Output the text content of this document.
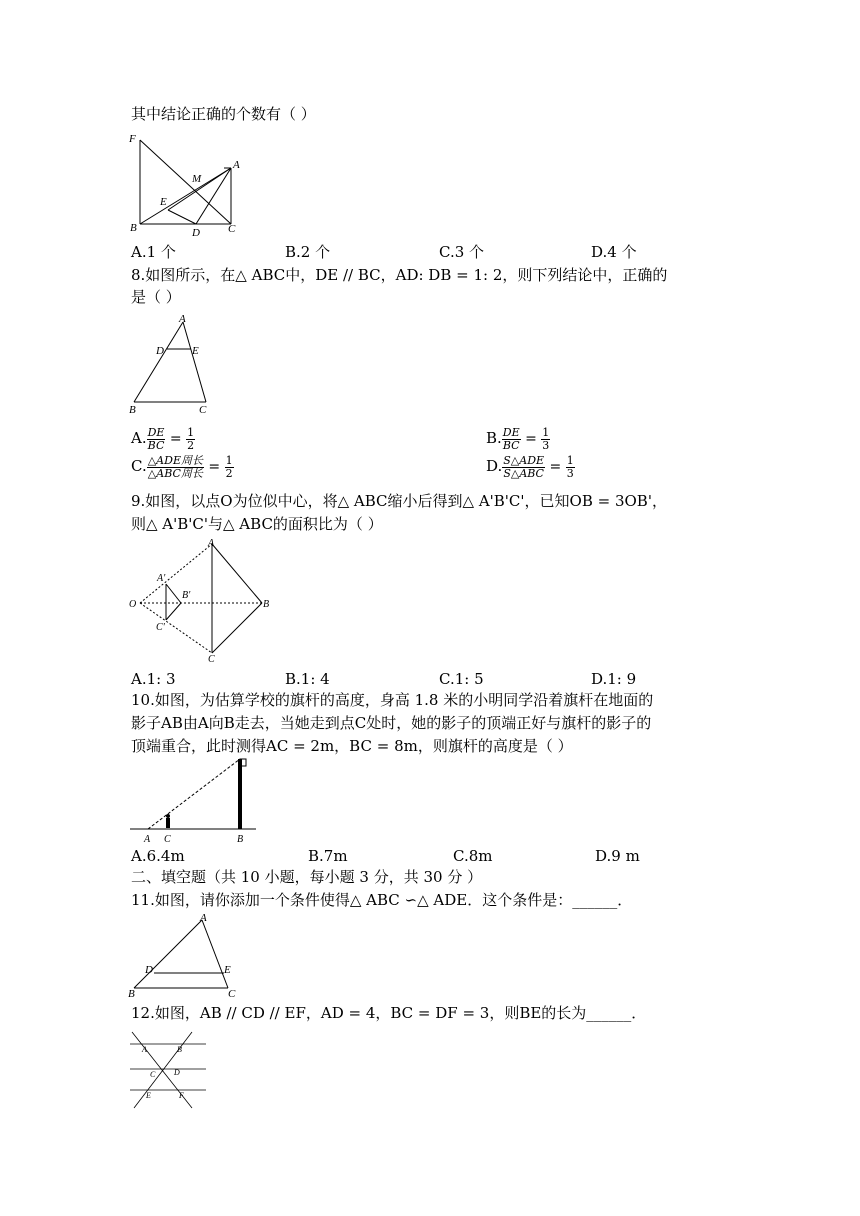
其中结论正确的个数有（ ）
F
A
M
E
B	D	C
A.1 个	B.2 个	C.3 个	D.4 个
8.如图所示，在△ ABC中，DE // BC，AD: DB = 1: 2，则下列结论中，正确的
是（ ）
A
D	E
B	C
A. $\frac{DE}{BC} = \frac{1}{2}$	B. $\frac{DE}{BC} = \frac{1}{3}$
C. $\frac{\text{△ADE周长}}{\text{△ABC周长}} = \frac{1}{2}$	D. $\frac{\text{S△ADE}}{\text{S△ABC}} = \frac{1}{3}$
9.如图，以点O为位似中心，将△ ABC缩小后得到△ A'B'C'，已知OB = 3OB'，
则△ A'B'C'与△ ABC的面积比为（ ）
A
A'
B'
O	B
C'
C
A.1: 3	B.1: 4	C.1: 5	D.1: 9
10.如图，为估算学校的旗杆的高度，身高 1.8 米的小明同学沿着旗杆在地面的
影子AB由A向B走去，当她走到点C处时，她的影子的顶端正好与旗杆的影子的
顶端重合，此时测得AC = 2m，BC = 8m，则旗杆的高度是（ ）
A C	B
A.6.4m	B.7m	C.8m	D.9 m
二、填空题（共 10 小题，每小题 3 分，共 30 分 ）
11.如图，请你添加一个条件使得△ ABC ∽△ ADE．这个条件是：______．
A
D	E
B	C
12.如图，AB // CD // EF，AD = 4，BC = DF = 3，则BE的长为______．
A	B
C D
E	F
